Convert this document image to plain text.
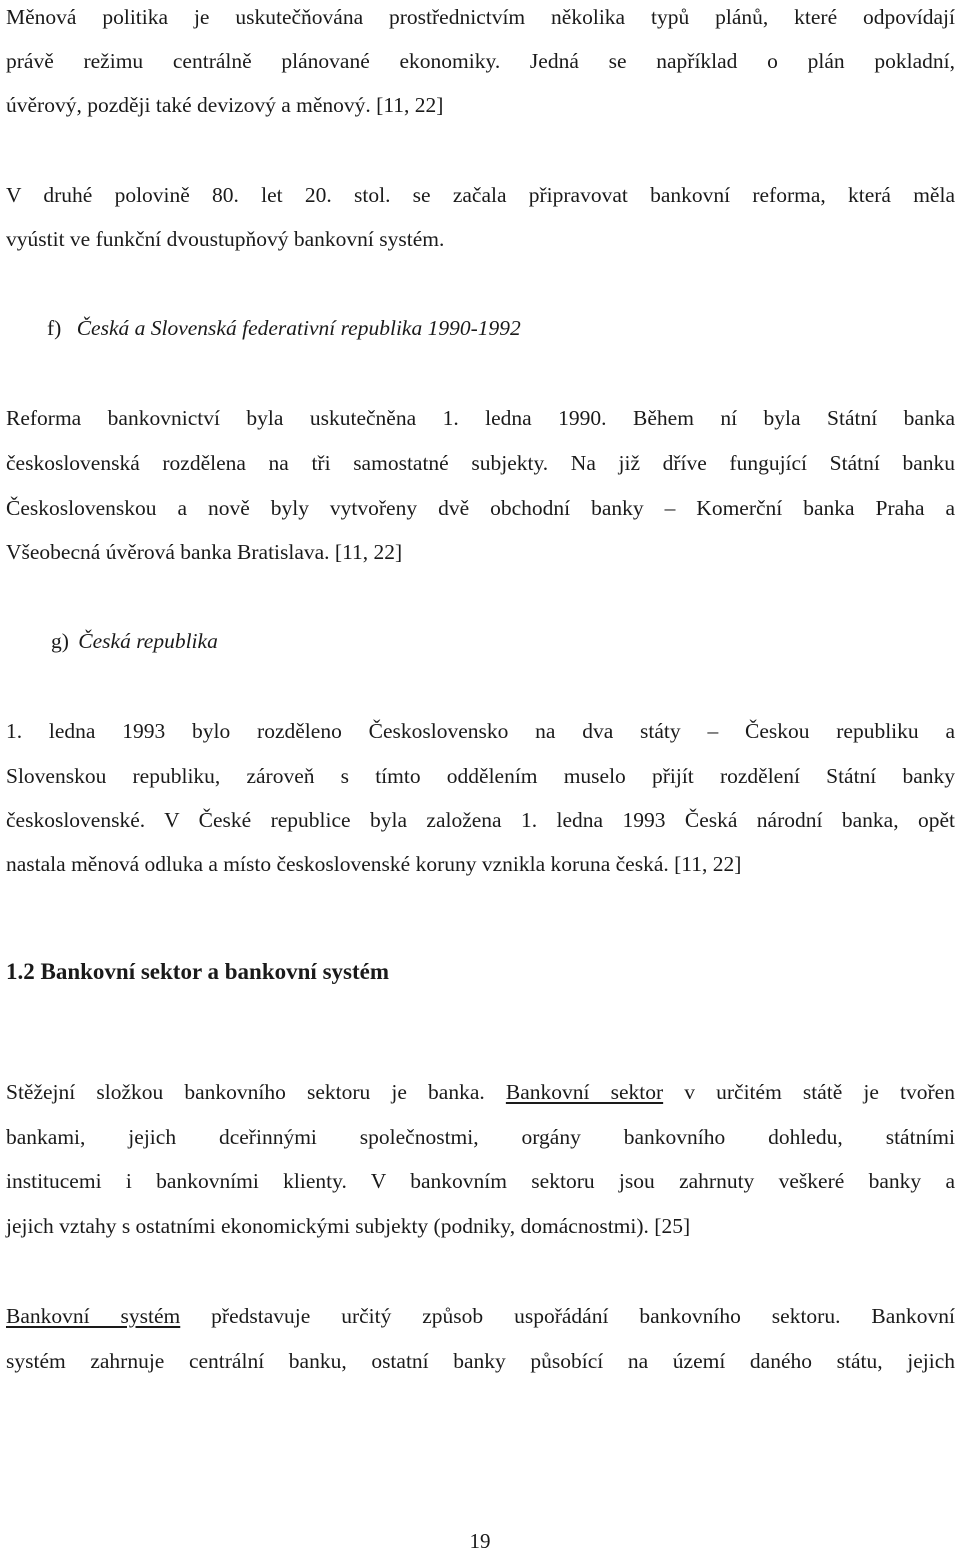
Měnová politika je uskutečňována prostřednictvím několika typů plánů, které odpovídají
právě režimu centrálně plánované ekonomiky. Jedná se například o plán pokladní,
úvěrový, později také devizový a měnový. [11, 22]
V druhé polovině 80. let 20. stol. se začala připravovat bankovní reforma, která měla
vyústit ve funkční dvoustupňový bankovní systém.
f) Česká a Slovenská federativní republika 1990-1992
Reforma bankovnictví byla uskutečněna 1. ledna 1990. Během ní byla Státní banka
československá rozdělena na tři samostatné subjekty. Na již dříve fungující Státní banku
Československou a nově byly vytvořeny dvě obchodní banky – Komerční banka Praha a
Všeobecná úvěrová banka Bratislava. [11, 22]
g) Česká republika
1. ledna 1993 bylo rozděleno Československo na dva státy – Českou republiku a
Slovenskou republiku, zároveň s tímto oddělením muselo přijít rozdělení Státní banky
československé. V České republice byla založena 1. ledna 1993 Česká národní banka, opět
nastala měnová odluka a místo československé koruny vznikla koruna česká. [11, 22]
1.2 Bankovní sektor a bankovní systém
Stěžejní složkou bankovního sektoru je banka. Bankovní sektor v určitém státě je tvořen
bankami, jejich dceřinnými společnostmi, orgány bankovního dohledu, státními
institucemi i bankovními klienty. V bankovním sektoru jsou zahrnuty veškeré banky a
jejich vztahy s ostatními ekonomickými subjekty (podniky, domácnostmi). [25]
Bankovní systém představuje určitý způsob uspořádání bankovního sektoru. Bankovní
systém zahrnuje centrální banku, ostatní banky působící na území daného státu, jejich
19
